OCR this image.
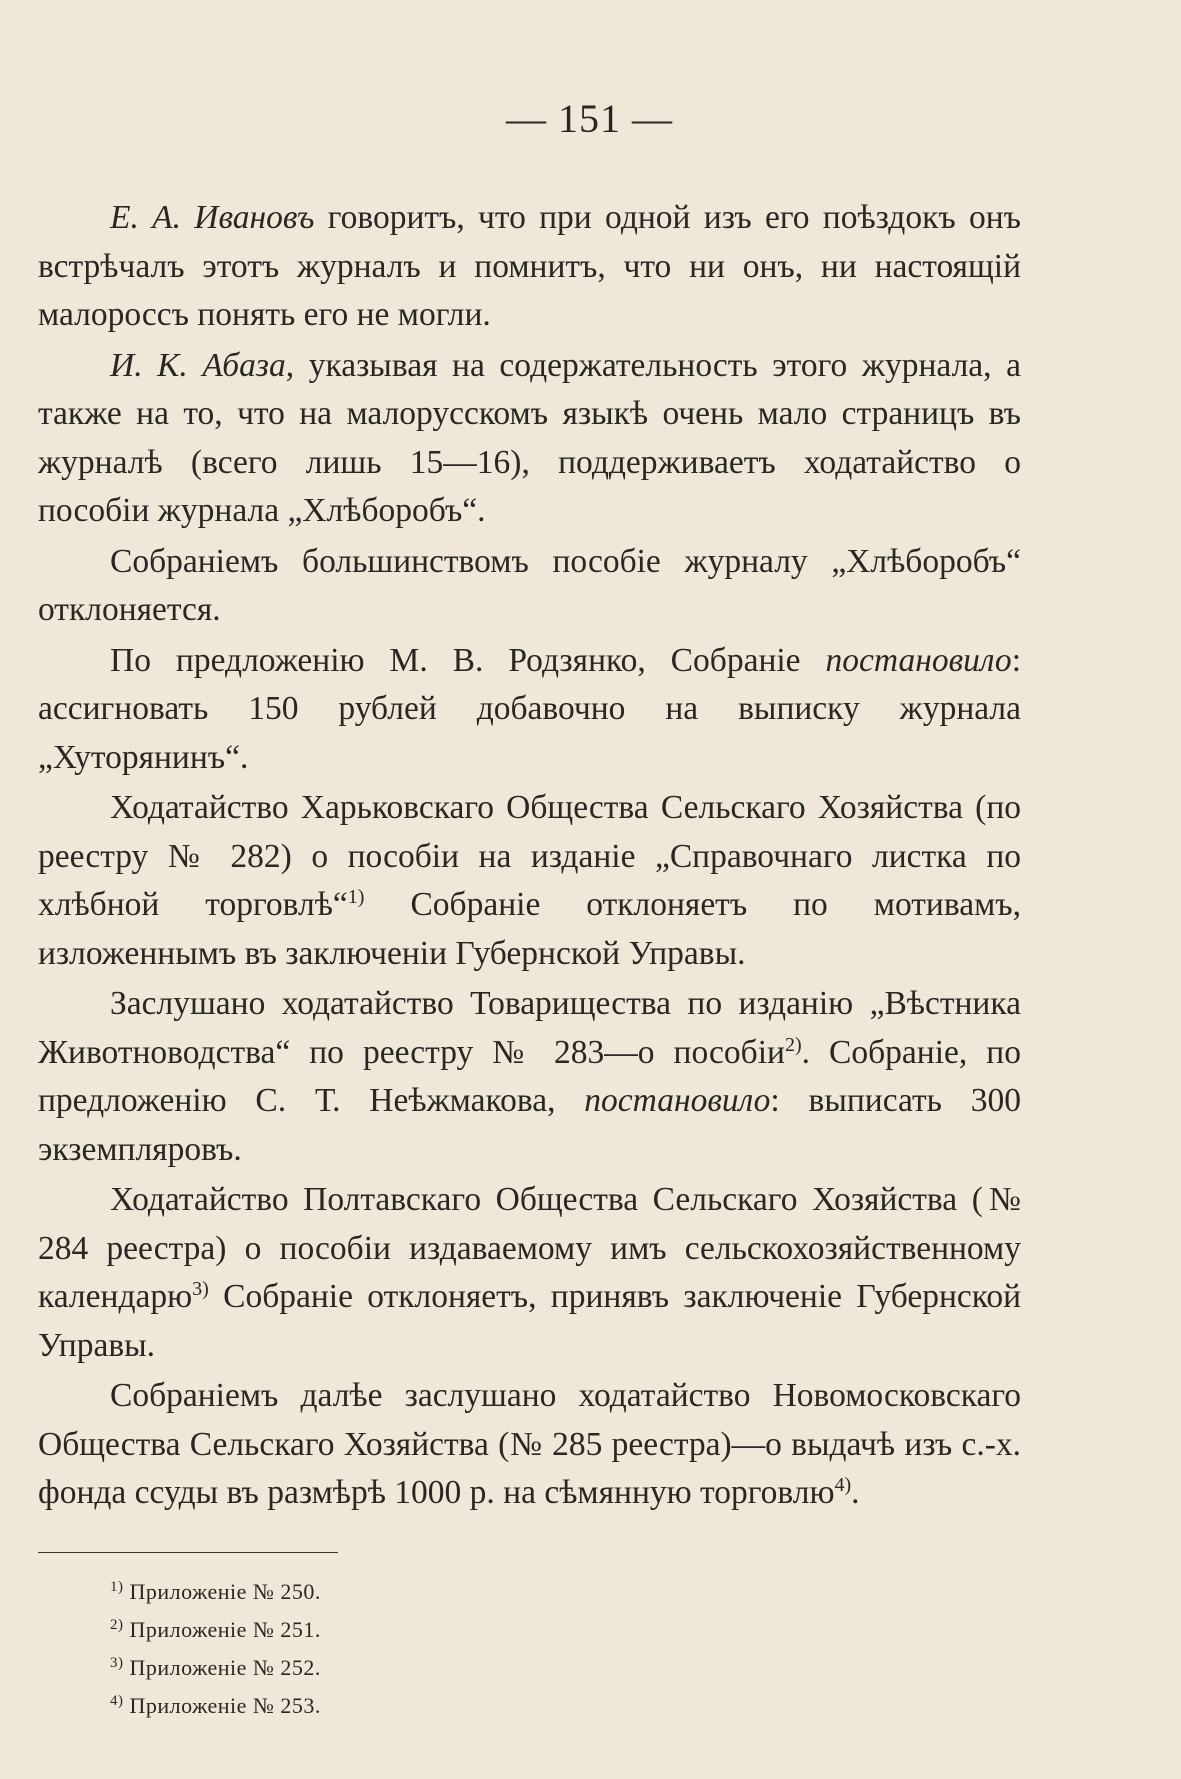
— 151 —

Е. А. Ивановъ говоритъ, что при одной изъ его поѣздокъ онъ встрѣчалъ этотъ журналъ и помнитъ, что ни онъ, ни настоящій малороссъ понять его не могли.

И. К. Абаза, указывая на содержательность этого журнала, а также на то, что на малорусскомъ языкѣ очень мало страницъ въ журналѣ (всего лишь 15—16), поддерживаетъ ходатайство о пособіи журнала „Хлѣборобъ“.

Собраніемъ большинствомъ пособіе журналу „Хлѣборобъ“ отклоняется.

По предложенію М. В. Родзянко, Собраніе постановило: ассигновать 150 рублей добавочно на выписку журнала „Хуторянинъ“.

Ходатайство Харьковскаго Общества Сельскаго Хозяйства (по реестру № 282) о пособіи на изданіе „Справочнаго листка по хлѣбной торговлѣ“$^{1)}$ Собраніе отклоняетъ по мотивамъ, изложеннымъ въ заключеніи Губернской Управы.

Заслушано ходатайство Товарищества по изданію „Вѣстника Животноводства“ по реестру № 283—о пособіи$^{2)}$. Собраніе, по предложенію С. Т. Неѣжмакова, постановило: выписать 300 экземпляровъ.

Ходатайство Полтавскаго Общества Сельскаго Хозяйства (№ 284 реестра) о пособіи издаваемому имъ сельскохозяйственному календарю$^{3)}$ Собраніе отклоняетъ, принявъ заключеніе Губернской Управы.

Собраніемъ далѣе заслушано ходатайство Новомосковскаго Общества Сельскаго Хозяйства (№ 285 реестра)—о выдачѣ изъ с.-х. фонда ссуды въ размѣрѣ 1000 р. на сѣмянную торговлю$^{4)}$.

$^{1)}$ Приложеніе № 250.
$^{2)}$ Приложеніе № 251.
$^{3)}$ Приложеніе № 252.
$^{4)}$ Приложеніе № 253.
